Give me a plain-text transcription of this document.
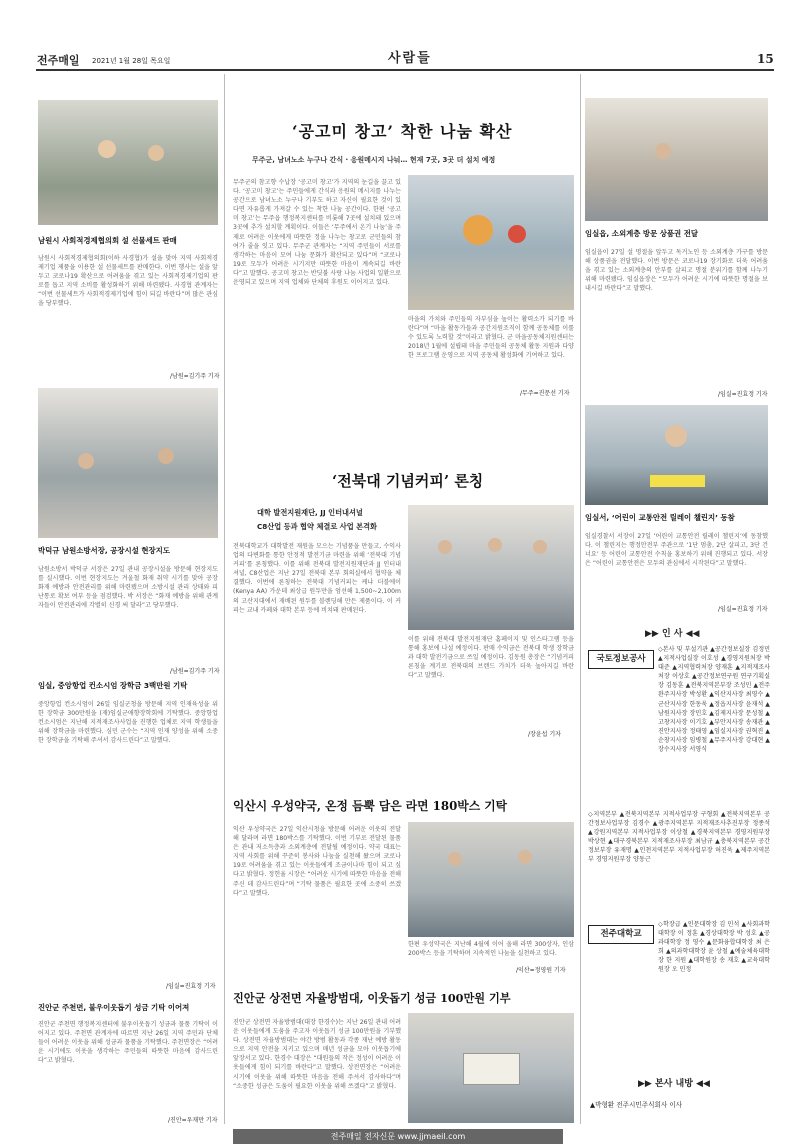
전주매일 2021년 1월 28일 목요일	사람들	15
남원시 사회적경제협의회 설 선물세트 판매
남원시 사회적경제협의회(이하 사경협)가 설을 맞아 지역 사회적경제기업 제품을 이용한 설 선물세트를 판매한다. 이번 행사는 설을 앞두고 코로나19 확산으로 어려움을 겪고 있는 사회적경제기업의 판로를 돕고 지역 소비를 활성화하기 위해 마련됐다. 사경협 관계자는 “이번 선물세트가 사회적경제기업에 힘이 되길 바란다”며 많은 관심을 당부했다.
/남원=김기주 기자
박덕규 남원소방서장, 공장시설 현장지도
남원소방서 박덕규 서장은 27일 관내 공장시설을 방문해 현장지도를 실시했다. 이번 현장지도는 겨울철 화재 취약 시기를 맞아 공장 화재 예방과 안전관리를 위해 마련됐으며 소방시설 관리 상태와 피난통로 확보 여부 등을 점검했다. 박 서장은 “화재 예방을 위해 관계자들이 안전관리에 각별히 신경 써 달라”고 당부했다.
/남원=김기주 기자
임실, 중앙항업 컨소시엄 장학금 3백만원 기탁
중앙항업 컨소시엄이 26일 임실군청을 방문해 지역 인재육성을 위한 장학금 300만원을 (재)임실군애향장학회에 기탁했다. 중앙항업 컨소시엄은 지난해 지적재조사사업을 진행한 업체로 지역 학생들을 위해 장학금을 마련했다. 심민 군수는 “지역 인재 양성을 위해 소중한 장학금을 기탁해 주셔서 감사드린다”고 말했다.
/임실=진효정 기자
진안군 주천면, 불우이웃돕기 성금 기탁 이어져
진안군 주천면 행정복지센터에 불우이웃돕기 성금과 물품 기탁이 이어지고 있다. 주천면 관계자에 따르면 지난 26일 지역 주민과 단체들이 어려운 이웃을 위해 성금과 물품을 기탁했다. 주천면장은 “어려운 시기에도 이웃을 생각하는 주민들의 따뜻한 마음에 감사드린다”고 밝혔다.
/진안=우재만 기자
‘공고미 창고’ 착한 나눔 확산
무주군, 남녀노소 누구나 간식 · 응원메시지 나눠… 현재 7곳, 3곳 더 설치 예정
무주군의 참고향 수납장 ‘공고미 창고’가 지역의 눈길을 끌고 있다. ‘공고미 창고’는 주민들에게 간식과 응원의 메시지를 나누는 공간으로 남녀노소 누구나 기부도 하고 자신이 필요한 것이 있다면 자유롭게 가져갈 수 있는 착한 나눔 공간이다. 한편 ‘공고미 창고’는 무주읍 행정복지센터를 비롯해 7곳에 설치돼 있으며 3곳에 추가 설치할 계획이다. 이들은 ‘무주에서 온기 나눔’을 주제로 어려운 이웃에게 따뜻한 정을 나누는 창고로 군민들의 참여가 줄을 잇고 있다. 무주군 관계자는 “지역 주민들이 서로를 생각하는 마음이 모여 나눔 문화가 확산되고 있다”며 “코로나19로 모두가 어려운 시기지만 따뜻한 마음이 계속되길 바란다”고 말했다. 공고미 창고는 반딧불 사랑 나눔 사업의 일환으로 운영되고 있으며 지역 업체와 단체의 후원도 이어지고 있다.
마을의 가치와 주민들의 자부심을 높이는 활력소가 되기를 바란다”며 “마을 활동가들과 공간지원조직이 함께 공동체를 이룰 수 있도록 노력할 것”이라고 밝혔다. 군 마을공동체지원센터는 2018년 1월에 설립돼 마을 주민들의 공동체 활동 지원과 다양한 프로그램 운영으로 지역 공동체 활성화에 기여하고 있다.
/무주=진문선 기자
‘전북대 기념커피’ 론칭
대학 발전지원재단, JJ 인터내셔널
C8산업 등과 협약 체결로 사업 본격화
전북대학교가 대학발전 재원을 모으는 기념품을 만들고, 수익사업의 다변화를 통한 안정적 발전기금 마련을 위해 ‘전북대 기념커피’를 론칭했다. 이를 위해 전북대 발전지원재단과 JJ 인터내셔널, C8산업은 지난 27일 전북대 본부 회의실에서 협약을 체결했다. 이번에 론칭하는 전북대 기념커피는 케냐 더블에이(Kenya AA) 가운데 최상급 원두만을 엄선해 1,500~2,100m의 고산지대에서 재배된 원두를 블렌딩해 만든 제품이다. 이 커피는 교내 카페와 대학 본부 등에 비치돼 판매된다.
이를 위해 전북대 발전지원재단 홈페이지 및 인스타그램 등을 통해 홍보에 나설 예정이다. 판매 수익금은 전북대 학생 장학금과 대학 발전기금으로 쓰일 예정이다. 김동원 총장은 “기념커피 론칭을 계기로 전북대의 브랜드 가치가 더욱 높아지길 바란다”고 말했다.
/장윤섭 기자
익산시 우성약국, 온정 듬뿍 담은 라면 180박스 기탁
익산 우성약국은 27일 익산시청을 방문해 어려운 이웃의 전달해 달라며 라면 180박스를 기탁했다. 이번 기부로 전달된 물품은 관내 저소득층과 소외계층에 전달될 예정이다. 약국 대표는 지역 사회를 위해 꾸준히 봉사와 나눔을 실천해 왔으며 코로나19로 어려움을 겪고 있는 이웃들에게 조금이나마 힘이 되고 싶다고 밝혔다. 정헌율 시장은 “어려운 시기에 따뜻한 마음을 전해 주신 데 감사드린다”며 “기탁 물품은 필요한 곳에 소중히 쓰겠다”고 말했다.
한편 우성약국은 지난해 4월에 이어 올해 라면 300상자, 인삼 200박스 등을 기탁하며 지속적인 나눔을 실천하고 있다.
/익산=정영원 기자
진안군 상전면 자율방범대, 이웃돕기 성금 100만원 기부
진안군 상전면 자율방범대(대장 한경수)는 지난 26일 관내 어려운 이웃들에게 도움을 주고자 이웃돕기 성금 100만원을 기부했다. 상전면 자율방범대는 야간 방범 활동과 각종 재난 예방 활동으로 지역 안전을 지키고 있으며 매년 성금을 모아 이웃돕기에 앞장서고 있다. 한경수 대장은 “대원들의 작은 정성이 어려운 이웃들에게 힘이 되기를 바란다”고 말했다. 상전면장은 “어려운 시기에 이웃을 위해 따뜻한 마음을 전해 주셔서 감사하다”며 “소중한 성금은 도움이 필요한 이웃을 위해 쓰겠다”고 밝혔다.
임실읍, 소외계층 방문 상품권 전달
임실읍이 27일 설 명절을 앞두고 독거노인 등 소외계층 가구를 방문해 상품권을 전달했다. 이번 방문은 코로나19 장기화로 더욱 어려움을 겪고 있는 소외계층의 안부를 살피고 명절 분위기를 함께 나누기 위해 마련됐다. 임실읍장은 “모두가 어려운 시기에 따뜻한 명절을 보내시길 바란다”고 말했다.
/임실=진효정 기자
임실서, ‘어린이 교통안전 릴레이 챌린지’ 동참
임실경찰서 서장이 27일 ‘어린이 교통안전 릴레이 챌린지’에 동참했다. 이 챌린지는 행정안전부 주관으로 ‘1단 멈춤, 2단 살피고, 3단 건너요’ 등 어린이 교통안전 수칙을 홍보하기 위해 진행되고 있다. 서장은 “어린이 교통안전은 모두의 관심에서 시작된다”고 말했다.
/임실=진효정 기자
▶▶ 인 사 ◀◀
국토정보공사
◇본사 및 부설기관 ▲공간정보실장 김정민 ▲지적사업실장 이호성 ▲경영지원처장 박대준 ▲지역협력처장 양재훈 ▲지적재조사처장 이상호 ▲공간정보연구원 연구기획실장 김동훈 ▲전북지역본부장 조성민 ▲전주완주지사장 박성환 ▲익산지사장 최영수 ▲군산지사장 한동욱 ▲정읍지사장 윤재석 ▲남원지사장 장민호 ▲김제지사장 문성철 ▲고창지사장 이기호 ▲부안지사장 송재관 ▲진안지사장 정태영 ▲임실지사장 권혁진 ▲순창지사장 임병철 ▲무주지사장 강대현 ▲장수지사장 서영식
◇지역본부 ▲전북지역본부 지적사업부장 구형회 ▲전북지역본부 공간정보사업부장 김경수 ▲광주지역본부 지적재조사추진부장 정종석 ▲강원지역본부 지적사업부장 이상철 ▲경북지역본부 경영지원부장 박상현 ▲대구경북본부 지적재조사부장 최남규 ▲충북지역본부 공간정보부장 유재명 ▲인천지역본부 지적사업부장 허진욱 ▲제주지역본부 경영지원부장 양동근
전주대학교
◇학장급 ▲인문대학장 김 민석 ▲사회과학대학장 이 정훈 ▲경상대학장 박 성호 ▲공과대학장 정 영수 ▲문화융합대학장 최 은희 ▲의과학대학장 윤 상철 ▲예술체육대학장 한 지원 ▲대학원장 송 재호 ▲교육대학원장 오 민정
▶▶ 본사 내방 ◀◀
▲박형환 전주시민주식회사 이사
전주매일 전자신문 www.jjmaeil.com
